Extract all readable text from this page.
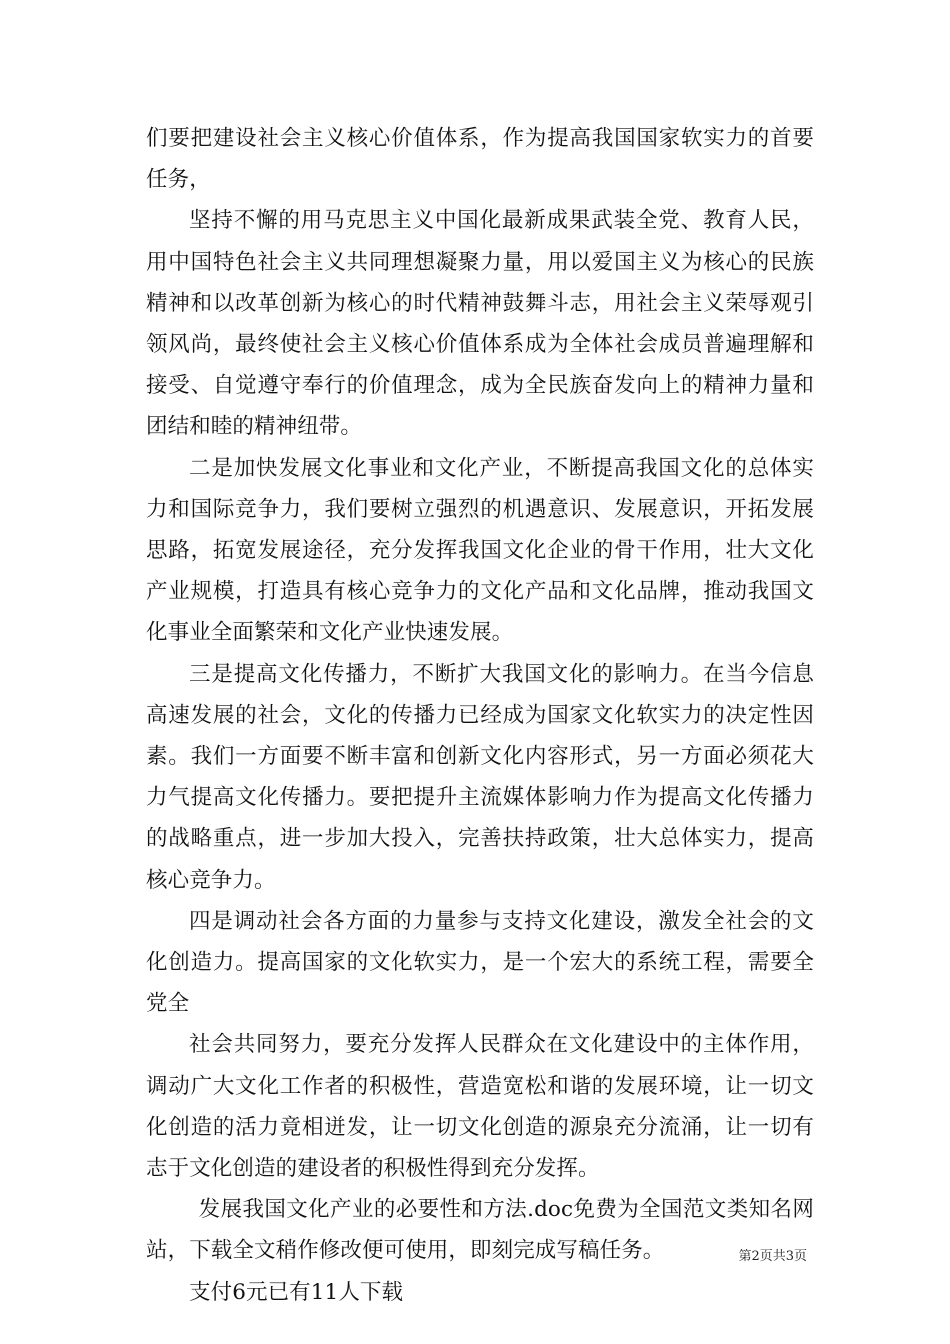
们要把建设社会主义核心价值体系，作为提高我国国家软实力的首要任务，

坚持不懈的用马克思主义中国化最新成果武装全党、教育人民，用中国特色社会主义共同理想凝聚力量，用以爱国主义为核心的民族精神和以改革创新为核心的时代精神鼓舞斗志，用社会主义荣辱观引领风尚，最终使社会主义核心价值体系成为全体社会成员普遍理解和接受、自觉遵守奉行的价值理念，成为全民族奋发向上的精神力量和团结和睦的精神纽带。

二是加快发展文化事业和文化产业，不断提高我国文化的总体实力和国际竞争力，我们要树立强烈的机遇意识、发展意识，开拓发展思路，拓宽发展途径，充分发挥我国文化企业的骨干作用，壮大文化产业规模，打造具有核心竞争力的文化产品和文化品牌，推动我国文化事业全面繁荣和文化产业快速发展。

三是提高文化传播力，不断扩大我国文化的影响力。在当今信息高速发展的社会，文化的传播力已经成为国家文化软实力的决定性因素。我们一方面要不断丰富和创新文化内容形式，另一方面必须花大力气提高文化传播力。要把提升主流媒体影响力作为提高文化传播力的战略重点，进一步加大投入，完善扶持政策，壮大总体实力，提高核心竞争力。

四是调动社会各方面的力量参与支持文化建设，激发全社会的文化创造力。提高国家的文化软实力，是一个宏大的系统工程，需要全党全

社会共同努力，要充分发挥人民群众在文化建设中的主体作用，调动广大文化工作者的积极性，营造宽松和谐的发展环境，让一切文化创造的活力竟相迸发，让一切文化创造的源泉充分流涌，让一切有志于文化创造的建设者的积极性得到充分发挥。

发展我国文化产业的必要性和方法.doc免费为全国范文类知名网站，下载全文稍作修改便可使用，即刻完成写稿任务。

支付6元已有11人下载

第2页共3页
